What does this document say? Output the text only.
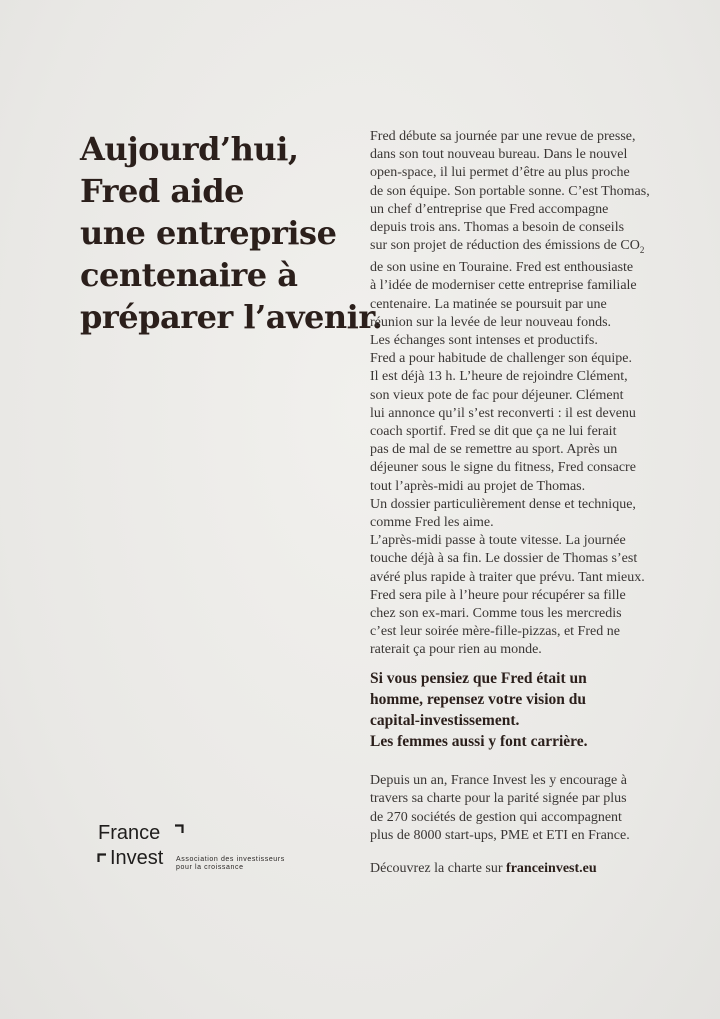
Aujourd’hui,
Fred aide
une entreprise
centenaire à
préparer l’avenir.
Fred débute sa journée par une revue de presse,
dans son tout nouveau bureau. Dans le nouvel
open-space, il lui permet d’être au plus proche
de son équipe. Son portable sonne. C’est Thomas,
un chef d’entreprise que Fred accompagne
depuis trois ans. Thomas a besoin de conseils
sur son projet de réduction des émissions de $CO_2$
de son usine en Touraine. Fred est enthousiaste
à l’idée de moderniser cette entreprise familiale
centenaire. La matinée se poursuit par une
réunion sur la levée de leur nouveau fonds.
Les échanges sont intenses et productifs.
Fred a pour habitude de challenger son équipe.
Il est déjà 13 h. L’heure de rejoindre Clément,
son vieux pote de fac pour déjeuner. Clément
lui annonce qu’il s’est reconverti : il est devenu
coach sportif. Fred se dit que ça ne lui ferait
pas de mal de se remettre au sport. Après un
déjeuner sous le signe du fitness, Fred consacre
tout l’après-midi au projet de Thomas.
Un dossier particulièrement dense et technique,
comme Fred les aime.
L’après-midi passe à toute vitesse. La journée
touche déjà à sa fin. Le dossier de Thomas s’est
avéré plus rapide à traiter que prévu. Tant mieux.
Fred sera pile à l’heure pour récupérer sa fille
chez son ex-mari. Comme tous les mercredis
c’est leur soirée mère-fille-pizzas, et Fred ne
raterait ça pour rien au monde.
Si vous pensiez que Fred était un
homme, repensez votre vision du
capital-investissement.
Les femmes aussi y font carrière.
Depuis un an, France Invest les y encourage à
travers sa charte pour la parité signée par plus
de 270 sociétés de gestion qui accompagnent
plus de 8000 start-ups, PME et ETI en France.
Découvrez la charte sur franceinvest.eu
France
Invest Association des investisseurs
pour la croissance
